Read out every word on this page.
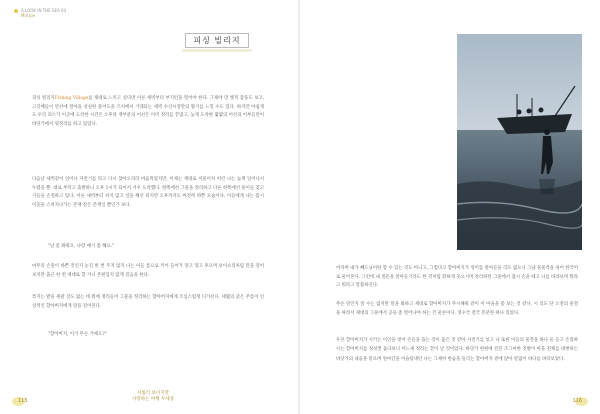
A LOOK IN THE SEA 04
Mill Joe
피싱 빌리지
피싱 빌리지Fishing Village를 제대로 느끼고 싶다면 이른 새벽부터 부지런을 떨어야 한다. 그제야 먼 옛적 잠을도 보고, 고깃배들이 만선에 깔아을 성실한 물어도을 즈치에서 거래되는 새벽 수산시장만의 활기를 느낄 수도 있다. 하지만 아침게도 우리 피스가 이곳에 도착한 시간은 오후라 재부분의 어선은 이미 정리를 끝냈고, 늦게 도착한 몇몇의 어선과 어부들만이 바닷가에서 뒷정리를 하고 있었다.
다음날 새벽같이 일어나 자전거를 타고 다시 찾아오리라 마음먹었지만, 이제는 재대로 저물어져 버린 나는 늦게 일어나서 누렸을 뿐. 대로 부러고 출발하니 오후 1시가 되어서 겨우 도착했다. 한쪽에선 그물을 정리하고 다른 한쪽에선 물어들 찾고기들을 손질하고 있다. 이른 새벽부터 쉬지 않고 일을 해선 터지만 오후까지도 여전히 바쁜 모습이다. 이들에게 나는 몸시 이웃을 스쳐지나가는 존재 같은 존재일 뿐인가 보다.
"날 좀 봐줘요, 나랑 얘기 좀 해요."
마무리 손질이 바쁜 것인지 눈길 한 번 주지 않지 나는 이들 틈으로 끼어 들어가 망고 망고 후으며 보이쇼리처럼 말을 걸어보지만 출근 한 번 제대로 할 겨니 본편입지 않게 걸음을 한다.
쪼지는 발을 세팔 것도 없는 데 뭐에 정리들어 그물을 정리하는 할아버지에게 조심스럽게 디가선다. 세월의 굵은 주름이 인상적인 할아버지에게 말을 걸어본다.
"할아버지, 이거 무슨 거예요?"
115
서툴러 보이지만
사랑하는 여행 두세상
어자며 내가 빼드닝어한 할 수 있는 것도 아니고, 그렇다고 할아버지가 영어를 알아들을 리도 없으니 그냥 물물작을 쉬어 한국어로 물어본다. 그런데 내 질문을 알아들기라도 한 것처럼 환하게 웃으시며 정리하던 그물에서 잡시 손을 떼고 나를 바라보며 뭐라고 뭐라고 말씀하신다.
무슨 말인지 알 수는 없지만 말을 봐하고 제대로 할아버지가 무시해줘 같이 이 마을을 좀 보는 것 같다. 시 리도 단 오전의 물결을 따라서 제대의 그물에서 공을 좀 벗어나야 하는 건 물론이다. 영수국 결국 흥분한 하나 있었다.
우선 할아버지가 시키는 이인을 벗어 손들을 돕는 것이 옳은 것 같아 사진기를 넣고 나 또한 이들의 물결을 하나 둘 들고 손질하시는 할아버지를 정성껏 돕다보니 어느새 정리는 끝이 날 것이었다. 바닷가 한편에 걸린 조그마한 깃발이 마을 전체를 대변하는
바닷가의 내음을 맡으며 얼마간을 어슬렁대던 나는 그제야 한숨을 돌리는 할아버지 곁에 앉아 말없이 바다를 바라보았다.
116
